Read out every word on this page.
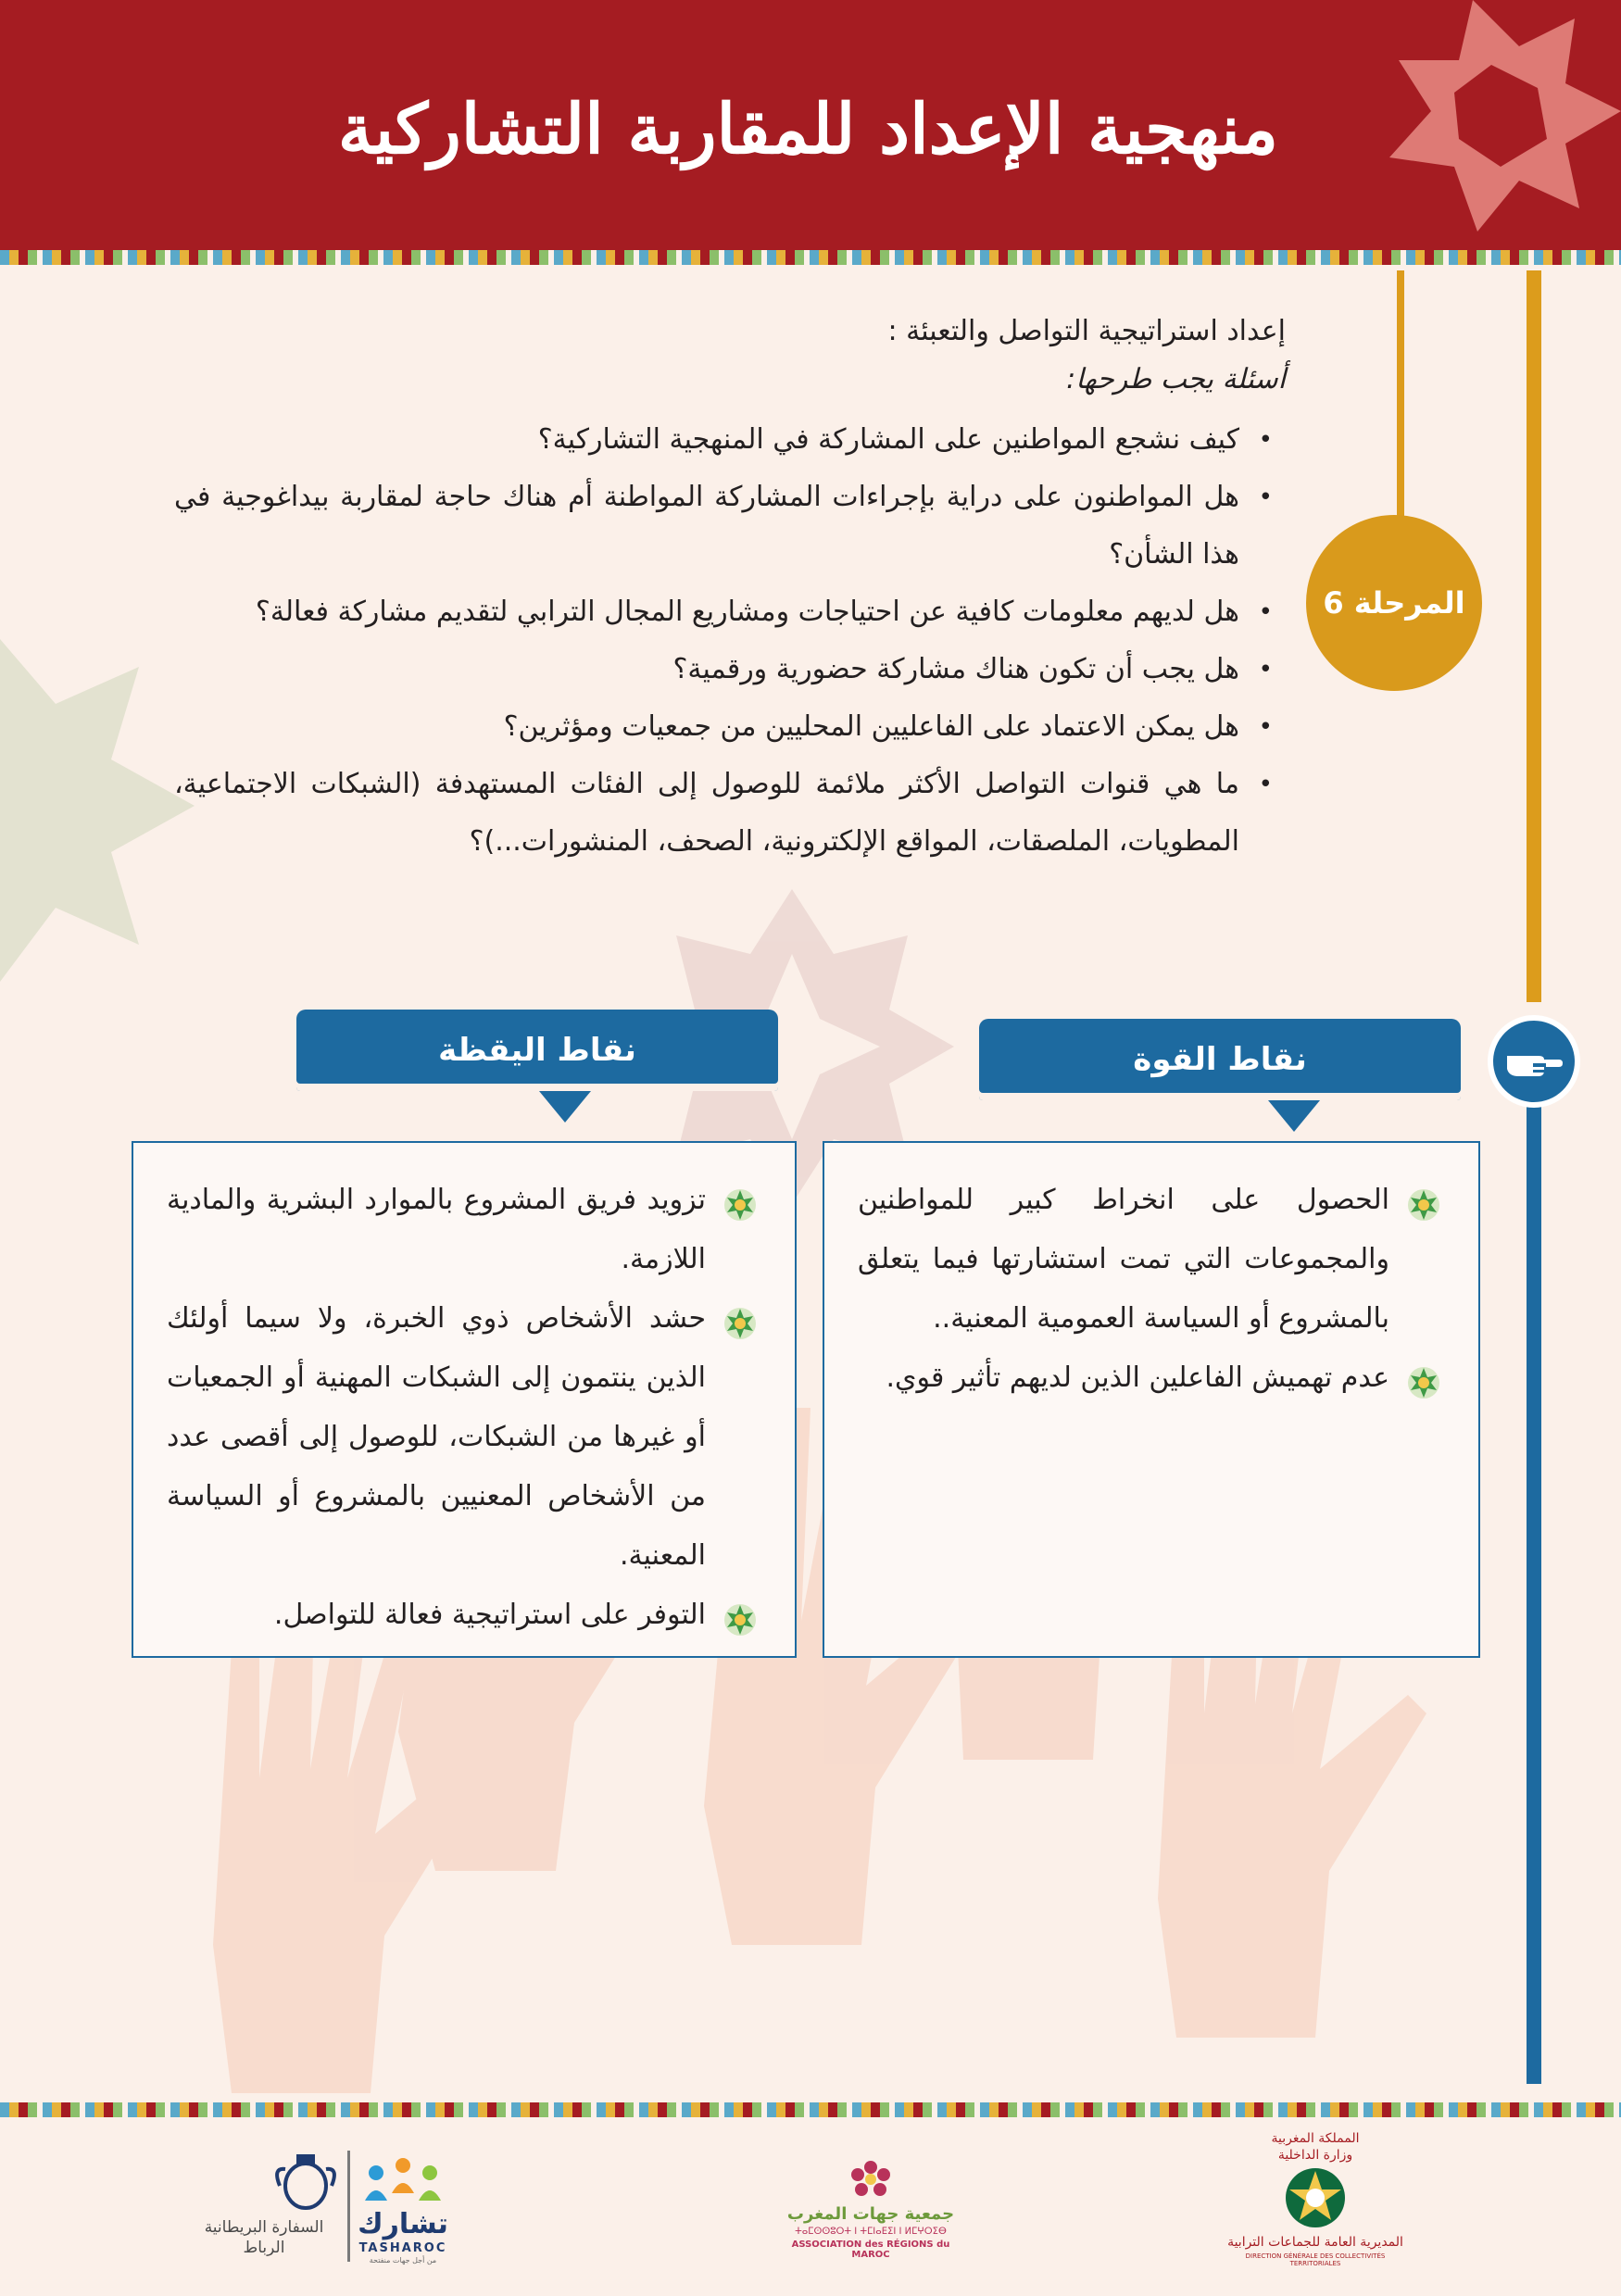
منهجية الإعداد للمقاربة التشاركية
المرحلة 6
إعداد استراتيجية التواصل والتعبئة :
أسئلة يجب طرحها:
• كيف نشجع المواطنين على المشاركة في المنهجية التشاركية؟
• هل المواطنون على دراية بإجراءات المشاركة المواطنة أم هناك حاجة لمقاربة بيداغوجية في هذا الشأن؟
• هل لديهم معلومات كافية عن احتياجات ومشاريع المجال الترابي لتقديم مشاركة فعالة؟
• هل يجب أن تكون هناك مشاركة حضورية ورقمية؟
• هل يمكن الاعتماد على الفاعليين المحليين من جمعيات ومؤثرين؟
• ما هي قنوات التواصل الأكثر ملائمة للوصول إلى الفئات المستهدفة (الشبكات الاجتماعية، المطويات، الملصقات، المواقع الإلكترونية، الصحف، المنشورات...)؟
نقاط القوة
نقاط اليقظة
الحصول على انخراط كبير للمواطنين والمجموعات التي تمت استشارتها فيما يتعلق بالمشروع أو السياسة العمومية المعنية..
عدم تهميش الفاعلين الذين لديهم تأثير قوي.
تزويد فريق المشروع بالموارد البشرية والمادية اللازمة.
حشد الأشخاص ذوي الخبرة، ولا سيما أولئك الذين ينتمون إلى الشبكات المهنية أو الجمعيات أو غيرها من الشبكات، للوصول إلى أقصى عدد من الأشخاص المعنيين بالمشروع أو السياسة المعنية.
التوفر على استراتيجية فعالة للتواصل.
السفارة البريطانية
الرباط
تشارك
TASHAROC
من أجل جهات منفتحة
جمعية جهات المغرب
ⵜⴰⵎⵙⵙⵓⵔⵜ ⵏ ⵜⵎⵏⴰⴹⵉⵏ ⵏ ⵍⵎⵖⵔⵉⴱ
ASSOCIATION des RÉGIONS du MAROC
المملكة المغربية
وزارة الداخلية
المديرية العامة للجماعات الترابية
DIRECTION GÉNÉRALE DES COLLECTIVITÉS TERRITORIALES
